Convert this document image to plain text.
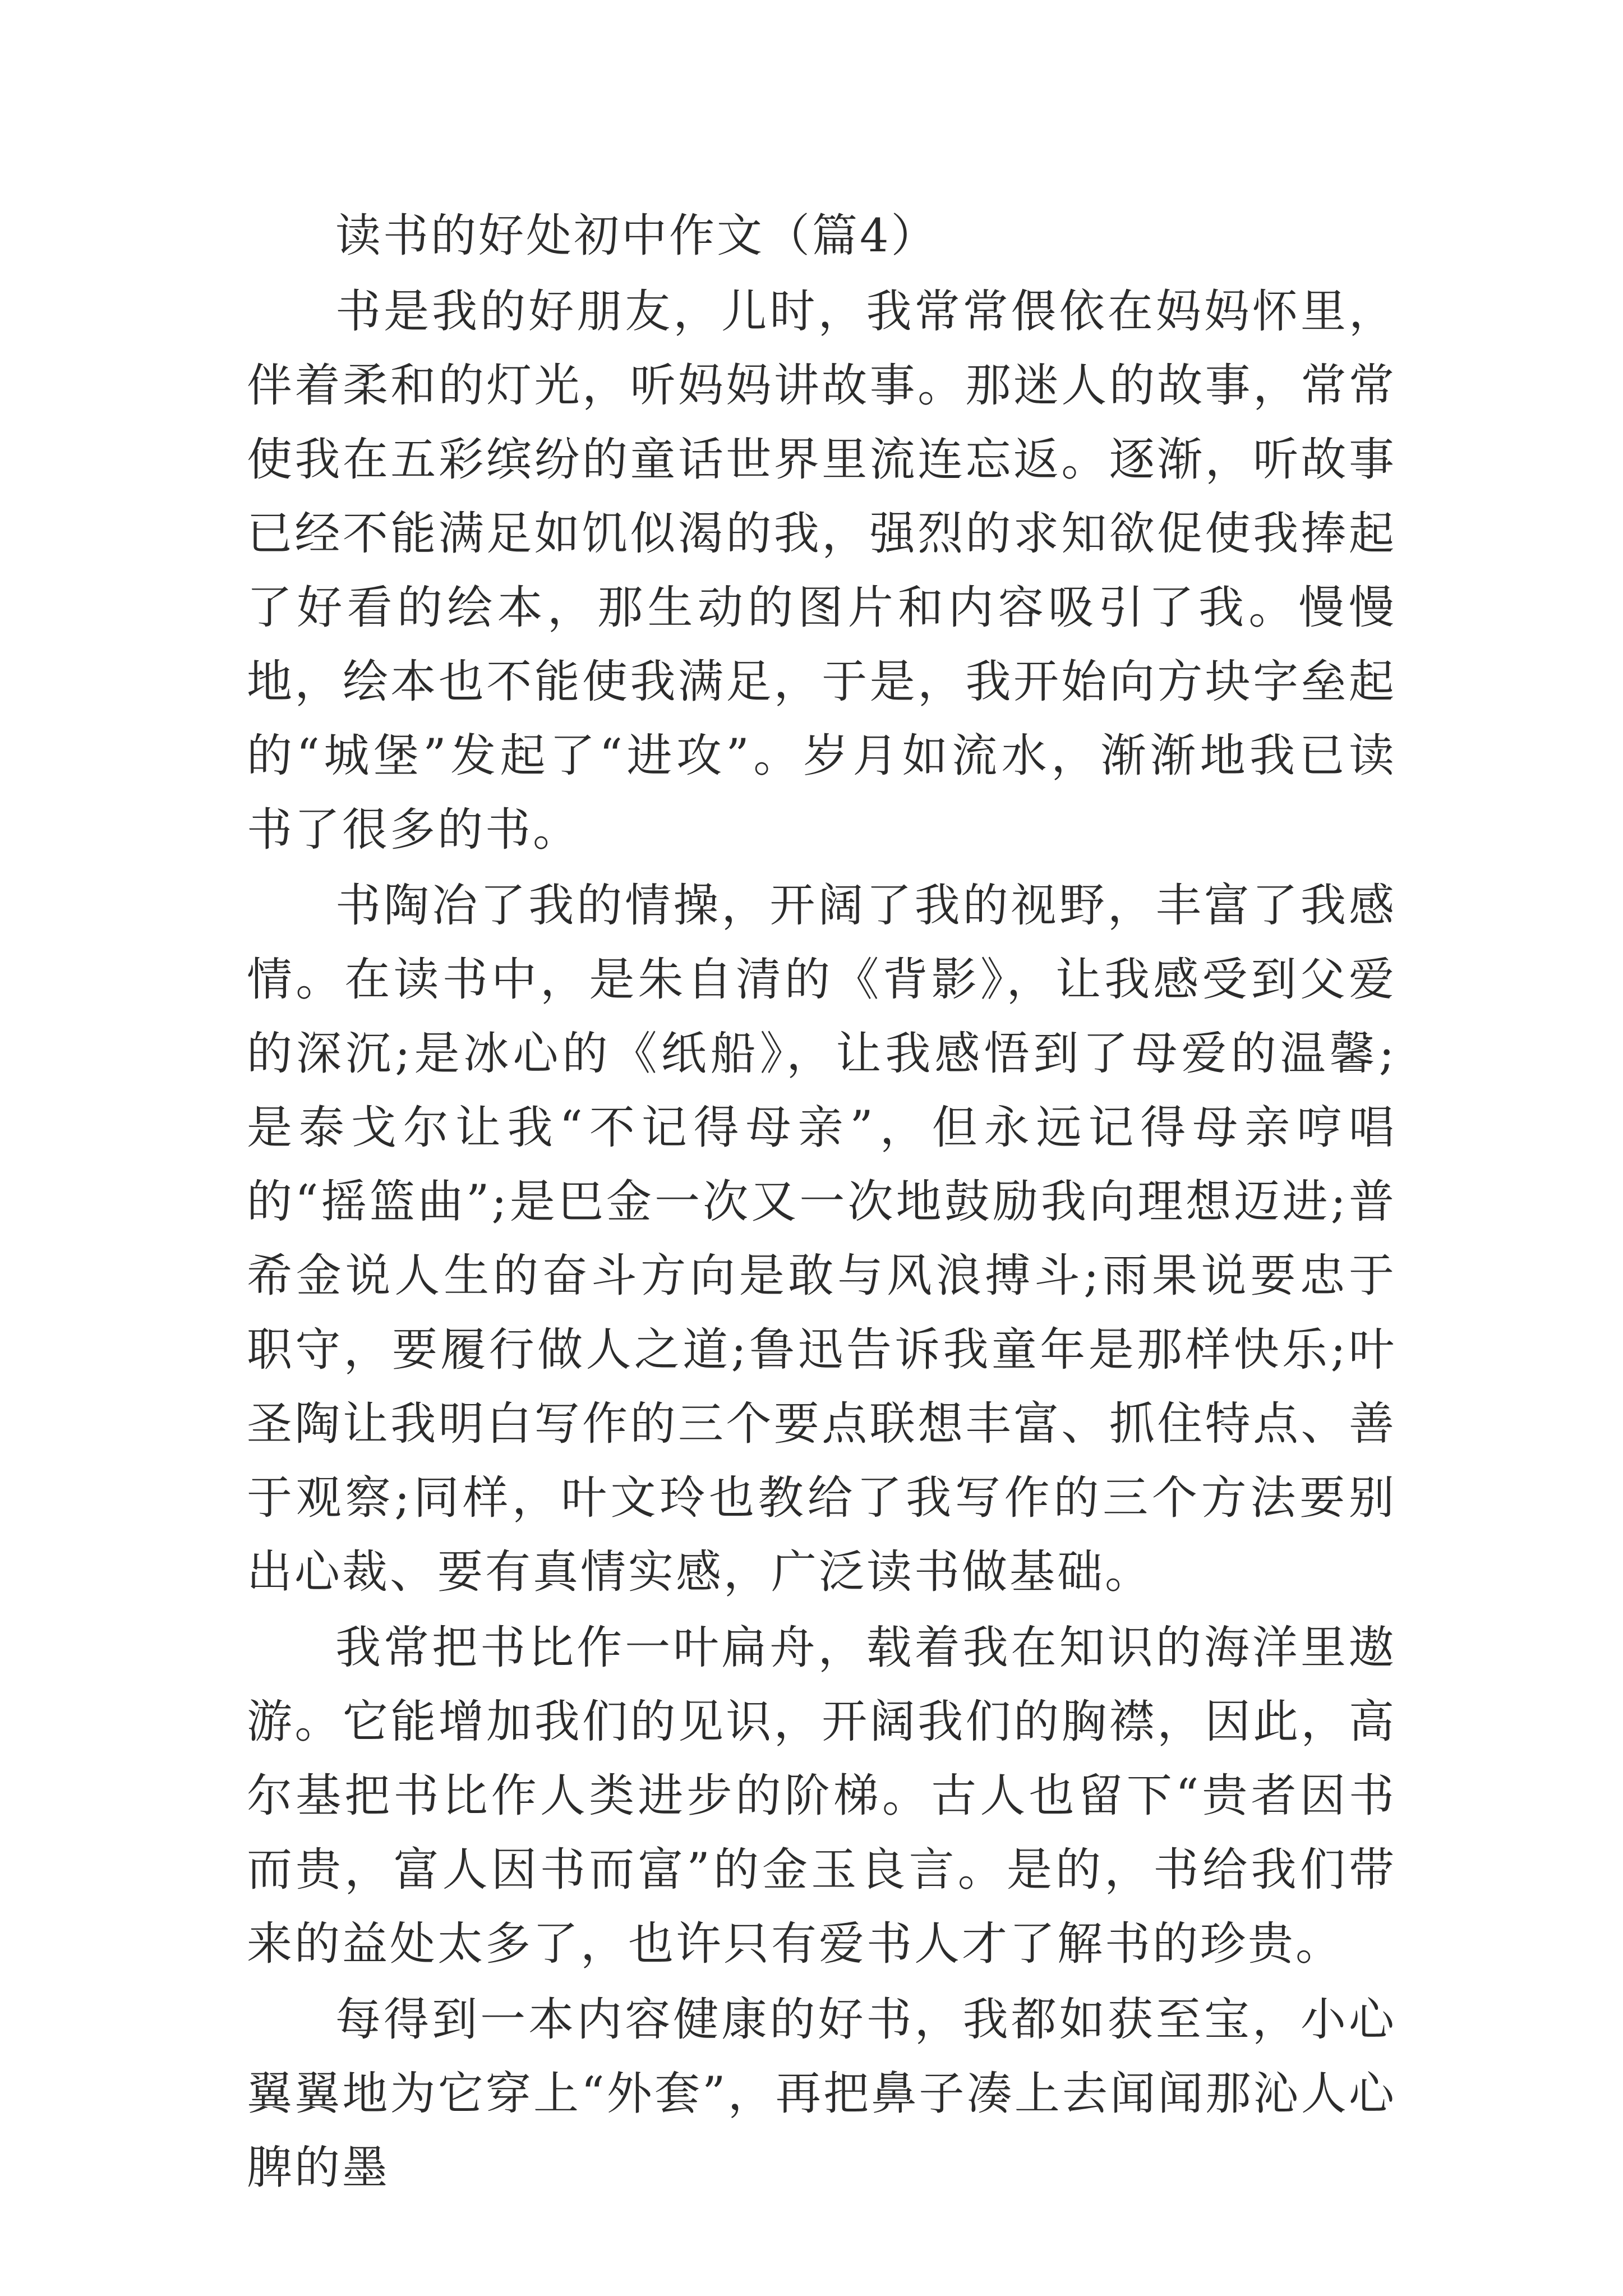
读书的好处初中作文（篇4）

书是我的好朋友，儿时，我常常偎依在妈妈怀里，伴着柔和的灯光，听妈妈讲故事。那迷人的故事，常常使我在五彩缤纷的童话世界里流连忘返。逐渐，听故事已经不能满足如饥似渴的我，强烈的求知欲促使我捧起了好看的绘本，那生动的图片和内容吸引了我。慢慢地，绘本也不能使我满足，于是，我开始向方块字垒起的“城堡”发起了“进攻”。岁月如流水，渐渐地我已读书了很多的书。

书陶冶了我的情操，开阔了我的视野，丰富了我感情。在读书中，是朱自清的《背影》，让我感受到父爱的深沉;是冰心的《纸船》，让我感悟到了母爱的温馨;是泰戈尔让我“不记得母亲”，但永远记得母亲哼唱的“摇篮曲”;是巴金一次又一次地鼓励我向理想迈进;普希金说人生的奋斗方向是敢与风浪搏斗;雨果说要忠于职守，要履行做人之道;鲁迅告诉我童年是那样快乐;叶圣陶让我明白写作的三个要点联想丰富、抓住特点、善于观察;同样，叶文玲也教给了我写作的三个方法要别出心裁、要有真情实感，广泛读书做基础。

我常把书比作一叶扁舟，载着我在知识的海洋里遨游。它能增加我们的见识，开阔我们的胸襟，因此，高尔基把书比作人类进步的阶梯。古人也留下“贵者因书而贵，富人因书而富”的金玉良言。是的，书给我们带来的益处太多了，也许只有爱书人才了解书的珍贵。

每得到一本内容健康的好书，我都如获至宝，小心翼翼地为它穿上“外套”，再把鼻子凑上去闻闻那沁人心脾的墨
